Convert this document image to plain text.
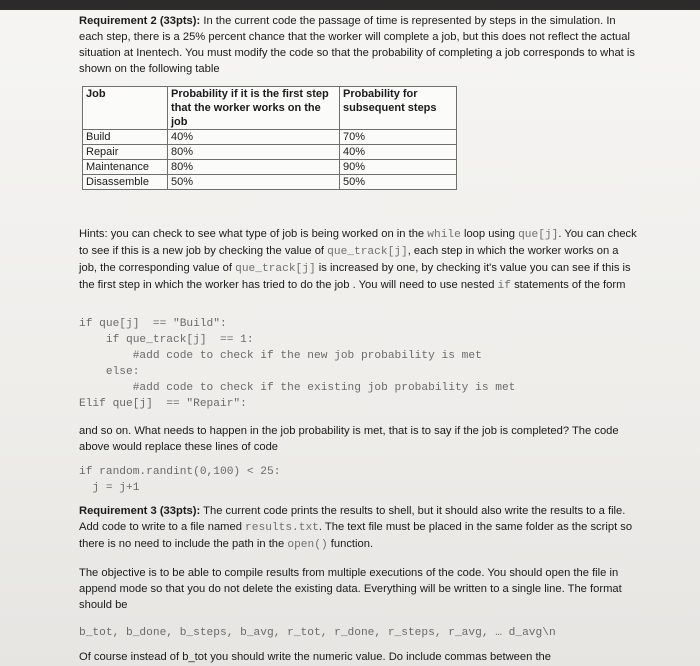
Requirement 2 (33pts): In the current code the passage of time is represented by steps in the simulation. In each step, there is a 25% percent chance that the worker will complete a job, but this does not reflect the actual situation at Inentech. You must modify the code so that the probability of completing a job corresponds to what is shown on the following table
Job	Probability if it is the first step that the worker works on the job	Probability for subsequent steps
Build	40%	70%
Repair	80%	40%
Maintenance	80%	90%
Disassemble	50%	50%
Hints: you can check to see what type of job is being worked on in the while loop using que[j]. You can check to see if this is a new job by checking the value of que_track[j], each step in which the worker works on a job, the corresponding value of que_track[j] is increased by one, by checking it's value you can see if this is the first step in which the worker has tried to do the job . You will need to use nested if statements of the form
if que[j]  == "Build":
if que_track[j]  == 1:
#add code to check if the new job probability is met
else:
#add code to check if the existing job probability is met
Elif que[j]  == "Repair":
and so on. What needs to happen in the job probability is met, that is to say if the job is completed? The code above would replace these lines of code
if random.randint(0,100) < 25:
j = j+1
Requirement 3 (33pts): The current code prints the results to shell, but it should also write the results to a file. Add code to write to a file named results.txt. The text file must be placed in the same folder as the script so there is no need to include the path in the open() function.
The objective is to be able to compile results from multiple executions of the code. You should open the file in append mode so that you do not delete the existing data. Everything will be written to a single line. The format should be
b_tot, b_done, b_steps, b_avg, r_tot, r_done, r_steps, r_avg, … d_avg\n
Of course instead of b_tot you should write the numeric value. Do include commas between the
